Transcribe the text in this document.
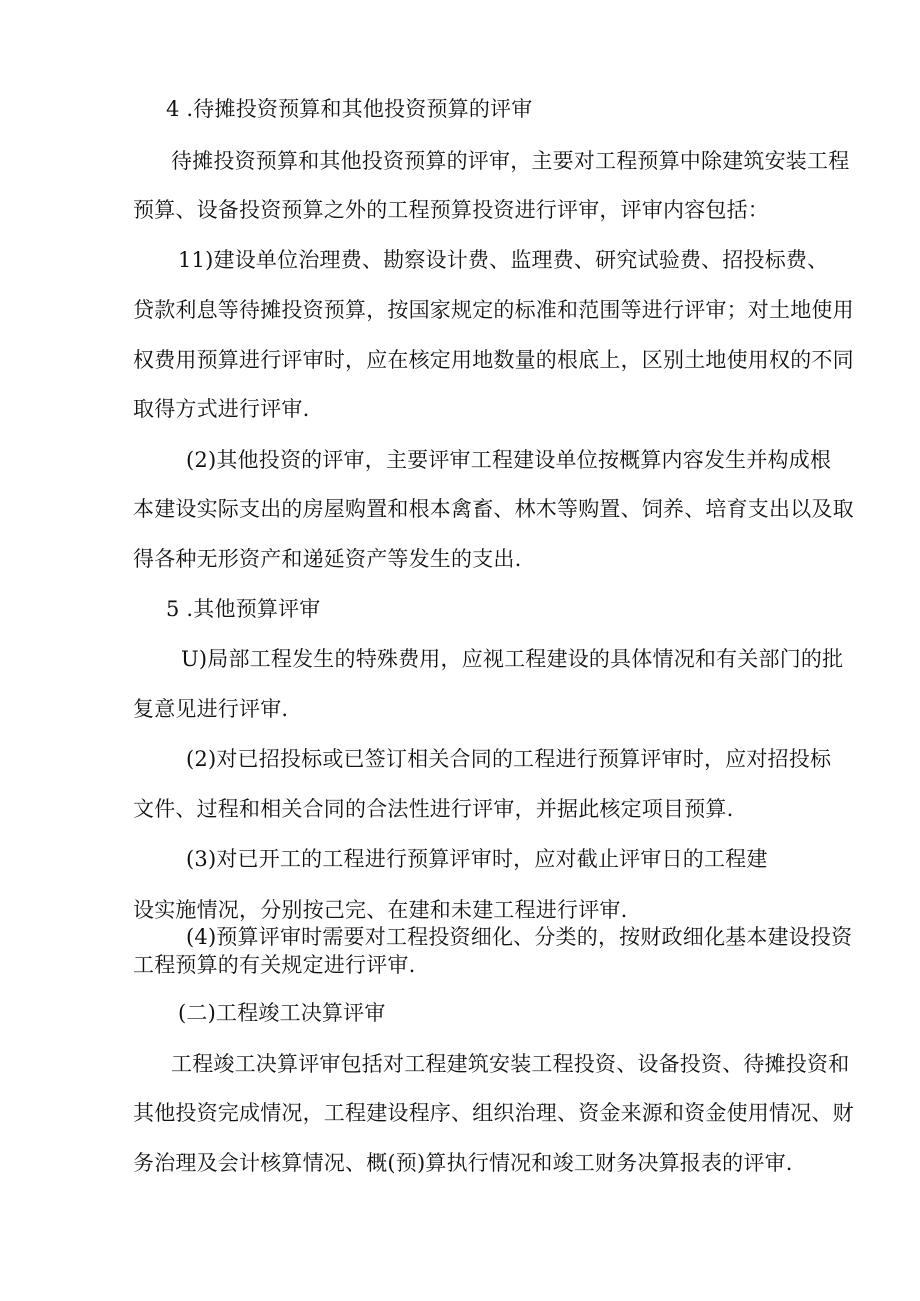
4 .待摊投资预算和其他投资预算的评审
待摊投资预算和其他投资预算的评审，主要对工程预算中除建筑安装工程
预算、设备投资预算之外的工程预算投资进行评审，评审内容包括：
11)建设单位治理费、勘察设计费、监理费、研究试验费、招投标费、
贷款利息等待摊投资预算，按国家规定的标准和范围等进行评审；对土地使用
权费用预算进行评审时，应在核定用地数量的根底上，区别土地使用权的不同
取得方式进行评审.
(2)其他投资的评审，主要评审工程建设单位按概算内容发生并构成根
本建设实际支出的房屋购置和根本禽畜、林木等购置、饲养、培育支出以及取
得各种无形资产和递延资产等发生的支出.
5 .其他预算评审
U)局部工程发生的特殊费用，应视工程建设的具体情况和有关部门的批
复意见进行评审.
(2)对已招投标或已签订相关合同的工程进行预算评审时，应对招投标
文件、过程和相关合同的合法性进行评审，并据此核定项目预算.
(3)对已开工的工程进行预算评审时，应对截止评审日的工程建
设实施情况，分别按己完、在建和未建工程进行评审.
(4)预算评审时需要对工程投资细化、分类的，按财政细化基本建设投资
工程预算的有关规定进行评审.
(二)工程竣工决算评审
工程竣工决算评审包括对工程建筑安装工程投资、设备投资、待摊投资和
其他投资完成情况，工程建设程序、组织治理、资金来源和资金使用情况、财
务治理及会计核算情况、概(预)算执行情况和竣工财务决算报表的评审.
